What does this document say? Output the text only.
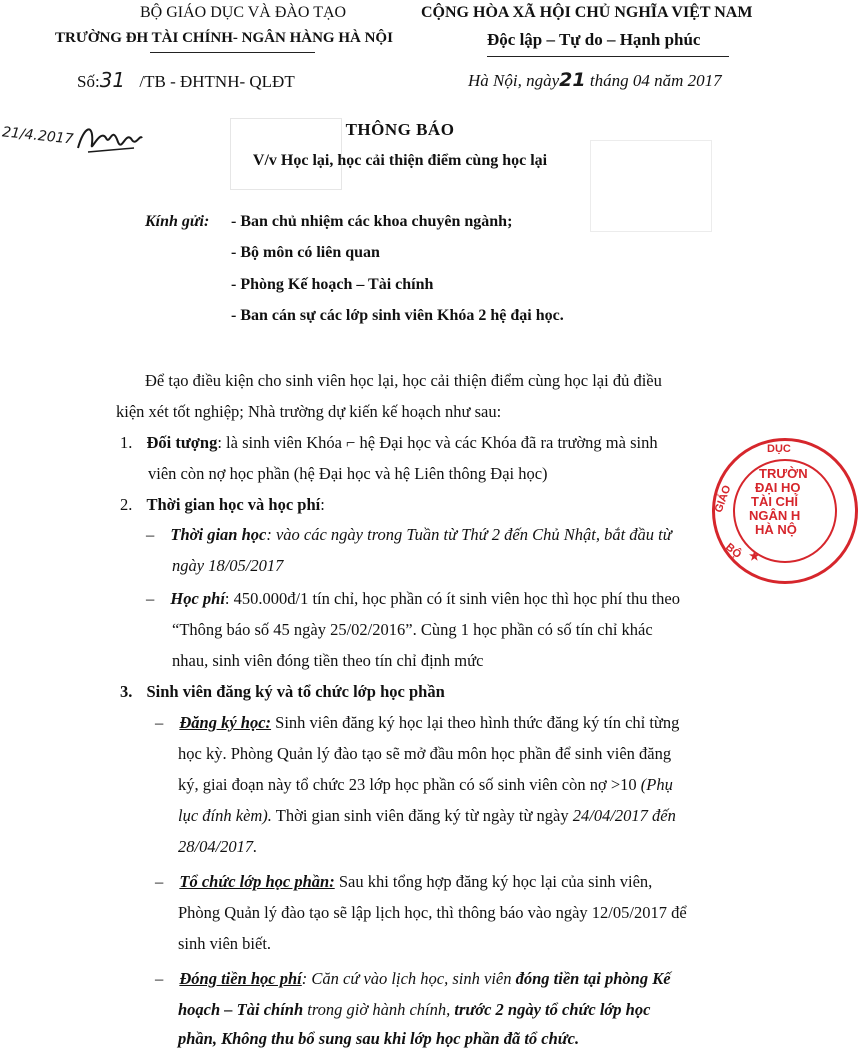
BỘ GIÁO DỤC VÀ ĐÀO TẠO
TRƯỜNG ĐH TÀI CHÍNH- NGÂN HÀNG HÀ NỘI
CỘNG HÒA XÃ HỘI CHỦ NGHĨA VIỆT NAM
Độc lập – Tự do – Hạnh phúc
Số:31 /TB - ĐHTNH- QLĐT	Hà Nội, ngày21 tháng 04 năm 2017
21/4.2017	THÔNG BÁO
V/v Học lại, học cải thiện điểm cùng học lại
Kính gửi: - Ban chủ nhiệm các khoa chuyên ngành;
- Bộ môn có liên quan
- Phòng Kế hoạch – Tài chính
- Ban cán sự các lớp sinh viên Khóa 2 hệ đại học.
Để tạo điều kiện cho sinh viên học lại, học cải thiện điểm cùng học lại đủ điều
kiện xét tốt nghiệp; Nhà trường dự kiến kế hoạch như sau:
1. Đối tượng: là sinh viên Khóa ⌐ hệ Đại học và các Khóa đã ra trường mà sinh
viên còn nợ học phần (hệ Đại học và hệ Liên thông Đại học)
2. Thời gian học và học phí:
– Thời gian học: vào các ngày trong Tuần từ Thứ 2 đến Chủ Nhật, bắt đầu từ
ngày 18/05/2017
– Học phí: 450.000đ/1 tín chỉ, học phần có ít sinh viên học thì học phí thu theo
“Thông báo số 45 ngày 25/02/2016”. Cùng 1 học phần có số tín chỉ khác
nhau, sinh viên đóng tiền theo tín chỉ định mức
3. Sinh viên đăng ký và tổ chức lớp học phần
– Đăng ký học: Sinh viên đăng ký học lại theo hình thức đăng ký tín chỉ từng
học kỳ. Phòng Quản lý đào tạo sẽ mở đầu môn học phần để sinh viên đăng
ký, giai đoạn này tổ chức 23 lớp học phần có số sinh viên còn nợ >10 (Phụ
lục đính kèm). Thời gian sinh viên đăng ký từ ngày từ ngày 24/04/2017 đến
28/04/2017.
– Tổ chức lớp học phần: Sau khi tổng hợp đăng ký học lại của sinh viên,
Phòng Quản lý đào tạo sẽ lập lịch học, thì thông báo vào ngày 12/05/2017 để
sinh viên biết.
– Đóng tiền học phí: Căn cứ vào lịch học, sinh viên đóng tiền tại phòng Kế
hoạch – Tài chính trong giờ hành chính, trước 2 ngày tổ chức lớp học
phần, Không thu bổ sung sau khi lớp học phần đã tổ chức.
DỤC
GIÁO
BỘ
TRƯỜN
ĐẠI HỌ
TÀI CHÍ
NGÂN H
HÀ NỘ
★
